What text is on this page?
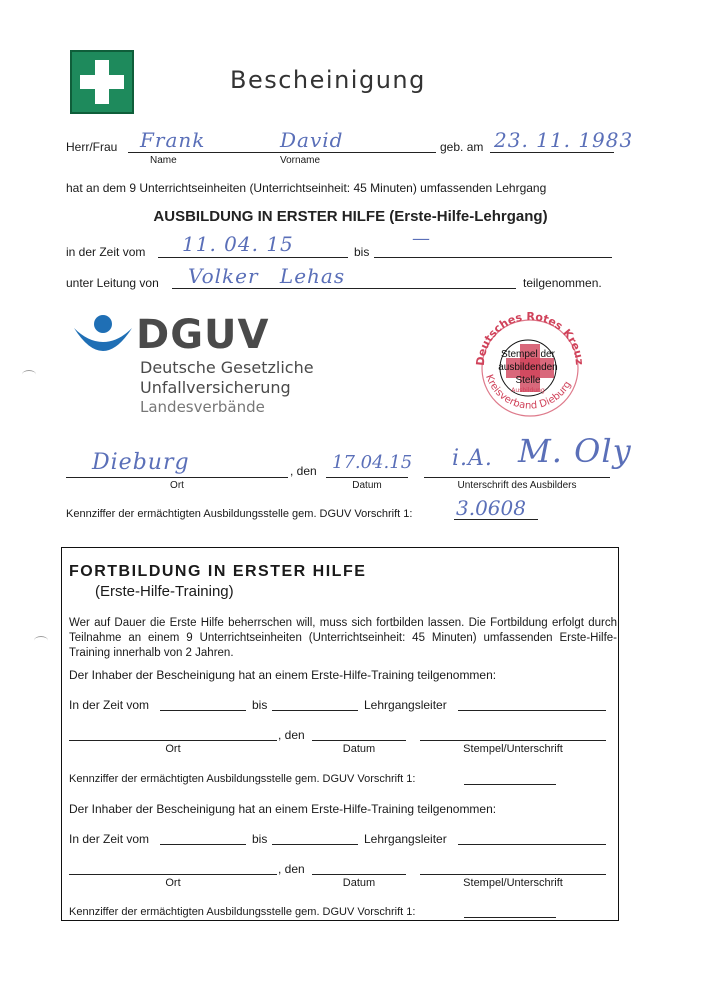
Bescheinigung
Herr/Frau Frank	David
Name	Vorname
geb. am 23. 11. 1983
hat an dem 9 Unterrichtseinheiten (Unterrichtseinheit: 45 Minuten) umfassenden Lehrgang
AUSBILDUNG IN ERSTER HILFE (Erste-Hilfe-Lehrgang)
in der Zeit vom 11. 04. 15	bis
—
unter Leitung von Volker Lehas	teilgenommen.
DGUV
Deutsche Gesetzliche
Unfallversicherung
Landesverbände
Deutsches Rotes Kreuz
Kreisverband Dieburg
Ausbildung
Stempel der
ausbildenden
Stelle
Dieburg
Ort
, den 17.04.15
Datum
i.A. M. Oly
Unterschrift des Ausbilders
Kennziffer der ermächtigten Ausbildungsstelle gem. DGUV Vorschrift 1: 3.0608
FORTBILDUNG IN ERSTER HILFE
(Erste-Hilfe-Training)
Wer auf Dauer die Erste Hilfe beherrschen will, muss sich fortbilden lassen. Die Fortbildung erfolgt durch Teilnahme an einem 9 Unterrichtseinheiten (Unterrichtseinheit: 45 Minuten) umfassenden Erste-Hilfe-Training innerhalb von 2 Jahren.
Der Inhaber der Bescheinigung hat an einem Erste-Hilfe-Training teilgenommen:
In der Zeit vom	bis	Lehrgangsleiter
, den
Ort	Datum	Stempel/Unterschrift
Kennziffer der ermächtigten Ausbildungsstelle gem. DGUV Vorschrift 1:
Der Inhaber der Bescheinigung hat an einem Erste-Hilfe-Training teilgenommen:
In der Zeit vom	bis	Lehrgangsleiter
, den
Ort	Datum	Stempel/Unterschrift
Kennziffer der ermächtigten Ausbildungsstelle gem. DGUV Vorschrift 1:
